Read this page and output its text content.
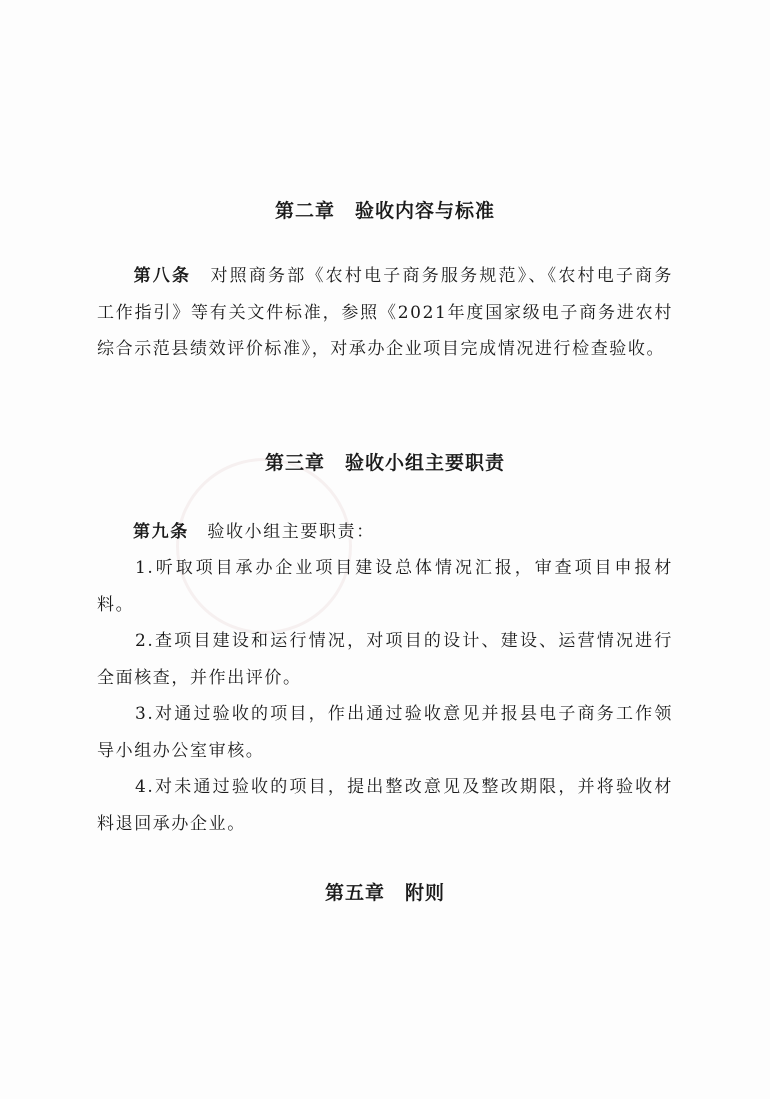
第二章　验收内容与标准
第八条　对照商务部《农村电子商务服务规范》、《农村电子商务工作指引》等有关文件标准，参照《2021年度国家级电子商务进农村综合示范县绩效评价标准》，对承办企业项目完成情况进行检查验收。
第三章　验收小组主要职责
第九条　验收小组主要职责：
1.听取项目承办企业项目建设总体情况汇报，审查项目申报材料。
2.查项目建设和运行情况，对项目的设计、建设、运营情况进行全面核查，并作出评价。
3.对通过验收的项目，作出通过验收意见并报县电子商务工作领导小组办公室审核。
4.对未通过验收的项目，提出整改意见及整改期限，并将验收材料退回承办企业。
第五章　附则
